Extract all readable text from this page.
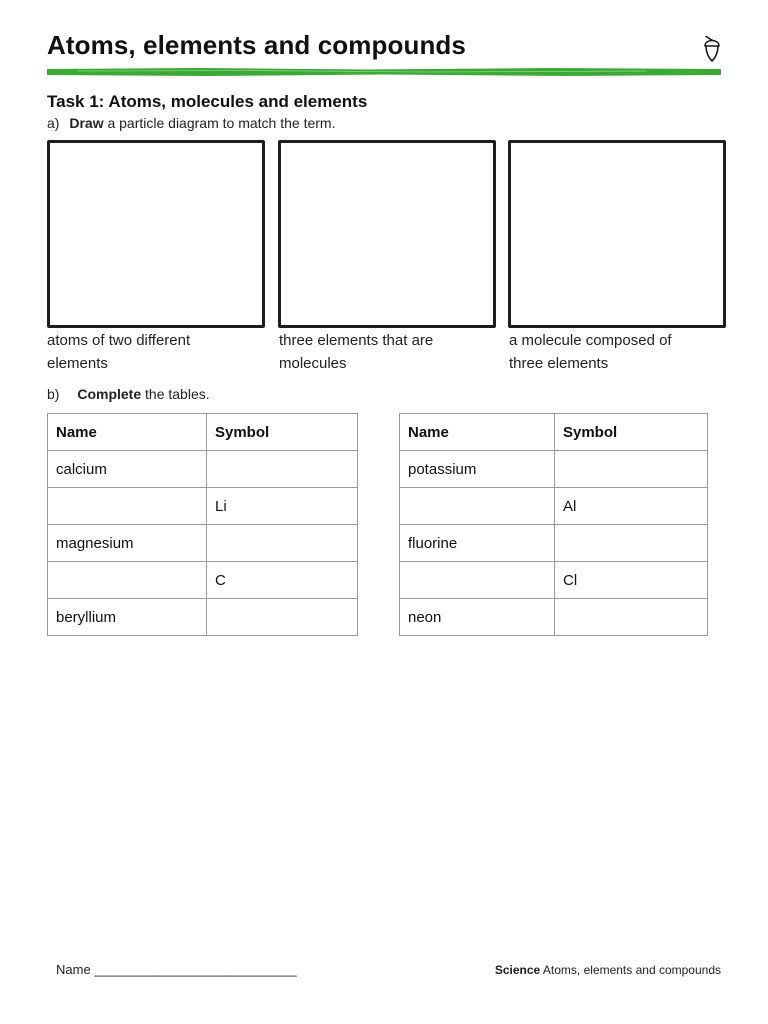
Atoms, elements and compounds
Task 1: Atoms, molecules and elements
a) Draw a particle diagram to match the term.
atoms of two different elements
three elements that are molecules
a molecule composed of three elements
b) Complete the tables.
Name	Symbol
calcium	
	Li
magnesium	
	C
beryllium	
Name	Symbol
potassium	
	Al
fluorine	
	Cl
neon	
Name ____________________________	Science Atoms, elements and compounds
